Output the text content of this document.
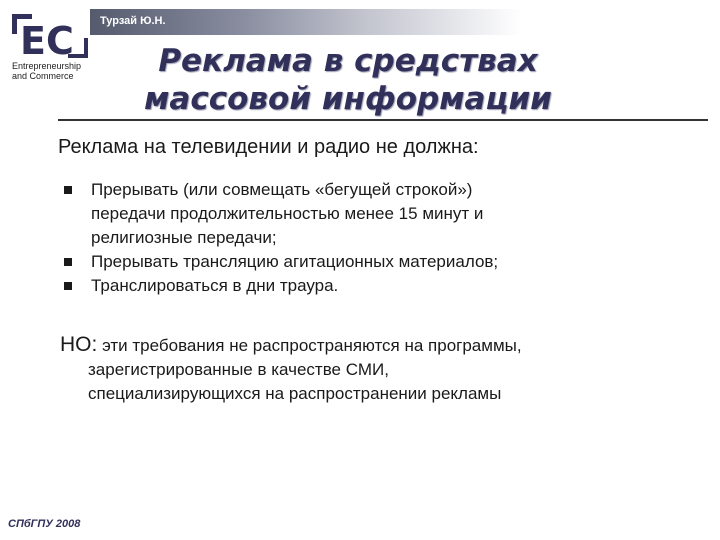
Турзай Ю.Н.
EC
Entrepreneurship and Commerce	Реклама в средствах
массовой информации
Реклама на телевидении и радио не должна:
Прерывать (или совмещать «бегущей строкой»)
передачи продолжительностью менее 15 минут и
религиозные передачи;
Прерывать трансляцию агитационных материалов;
Транслироваться в дни траура.
НО: эти требования не распространяются на программы,
зарегистрированные в качестве СМИ,
специализирующихся на распространении рекламы
СПбГПУ 2008
